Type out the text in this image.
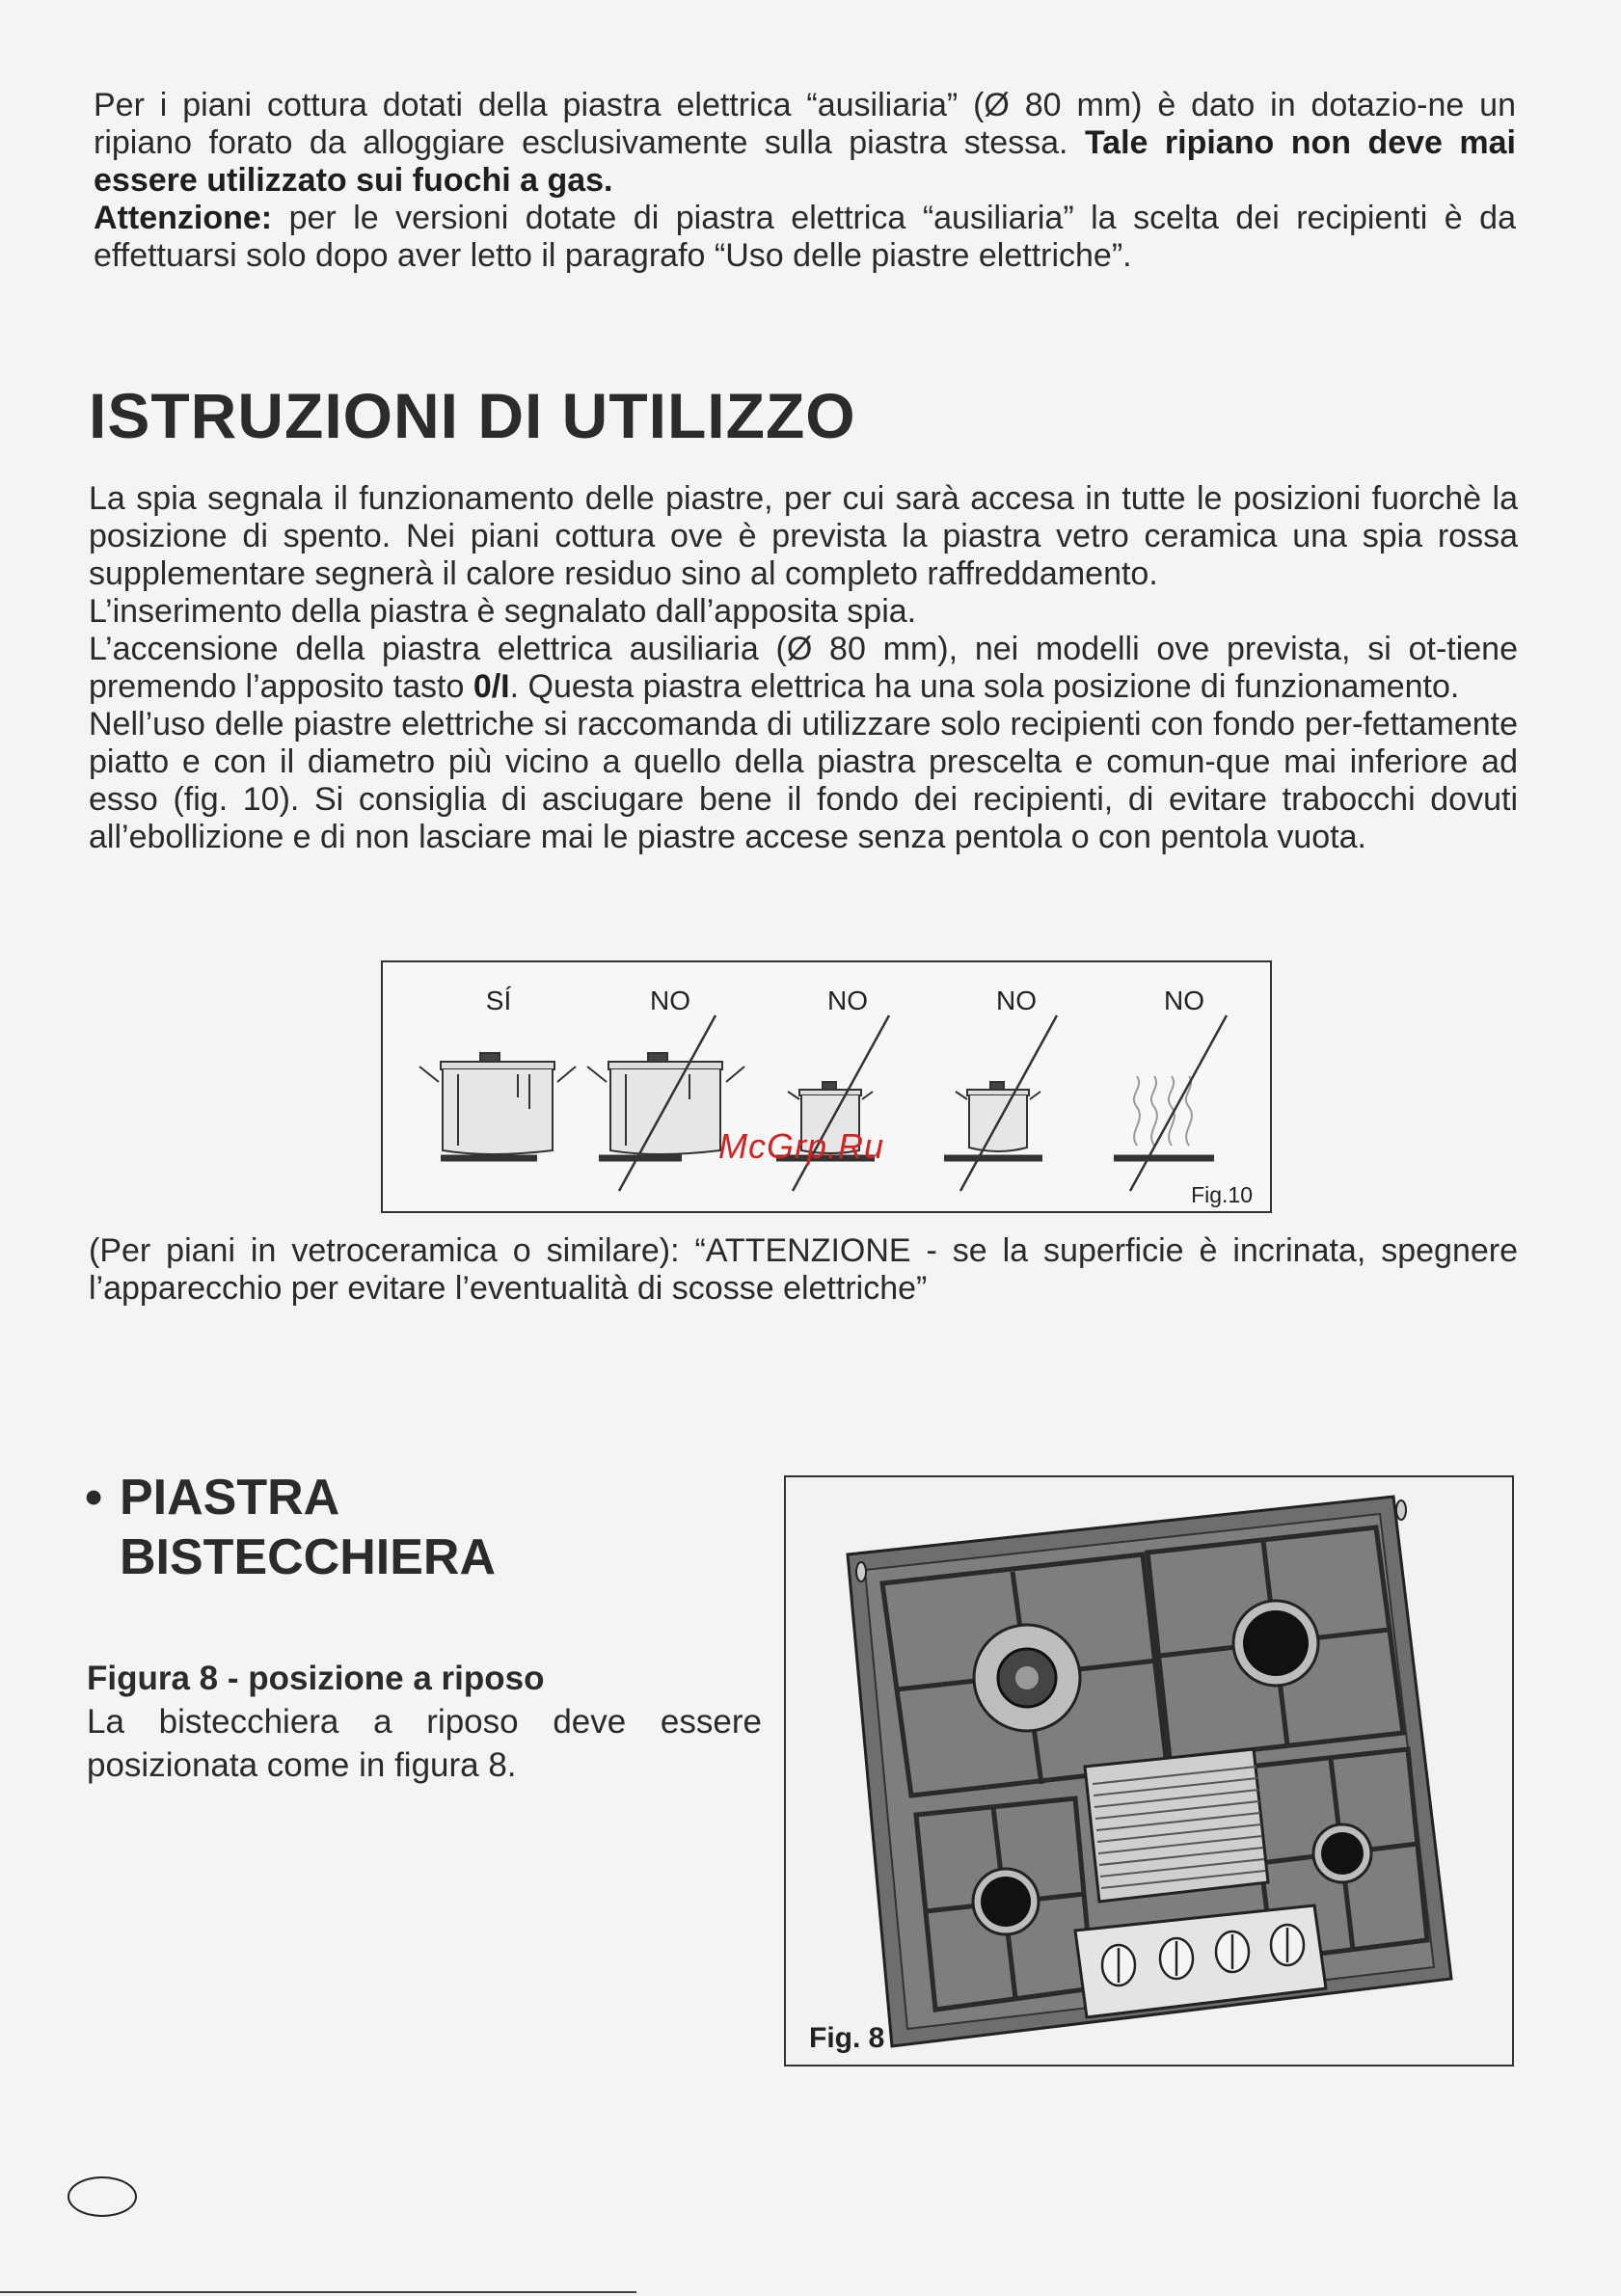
Per i piani cottura dotati della piastra elettrica “ausiliaria” (Ø 80 mm) è dato in dotazio-ne un ripiano forato da alloggiare esclusivamente sulla piastra stessa. Tale ripiano non deve mai essere utilizzato sui fuochi a gas.
Attenzione: per le versioni dotate di piastra elettrica “ausiliaria” la scelta dei recipienti è da effettuarsi solo dopo aver letto il paragrafo “Uso delle piastre elettriche”.

ISTRUZIONI DI UTILIZZO

La spia segnala il funzionamento delle piastre, per cui sarà accesa in tutte le posizioni fuorchè la posizione di spento. Nei piani cottura ove è prevista la piastra vetro ceramica una spia rossa supplementare segnerà il calore residuo sino al completo raffreddamento.

L’inserimento della piastra è segnalato dall’apposita spia.

L’accensione della piastra elettrica ausiliaria (Ø 80 mm), nei modelli ove prevista, si ot-tiene premendo l’apposito tasto 0/I. Questa piastra elettrica ha una sola posizione di funzionamento.

Nell’uso delle piastre elettriche si raccomanda di utilizzare solo recipienti con fondo per-fettamente piatto e con il diametro più vicino a quello della piastra prescelta e comun-que mai inferiore ad esso (fig. 10). Si consiglia di asciugare bene il fondo dei recipienti, di evitare trabocchi dovuti all’ebollizione e di non lasciare mai le piastre accese senza pentola o con pentola vuota.

SÍ	NO	NO	NO	NO
Fig.10
McGrp.Ru

(Per piani in vetroceramica o similare): “ATTENZIONE - se la superficie è incrinata, spegnere l’apparecchio per evitare l’eventualità di scosse elettriche”

• PIASTRA
BISTECCHIERA

Figura 8 - posizione a riposo

La bistecchiera a riposo deve essere posizionata come in figura 8.

Fig. 8
